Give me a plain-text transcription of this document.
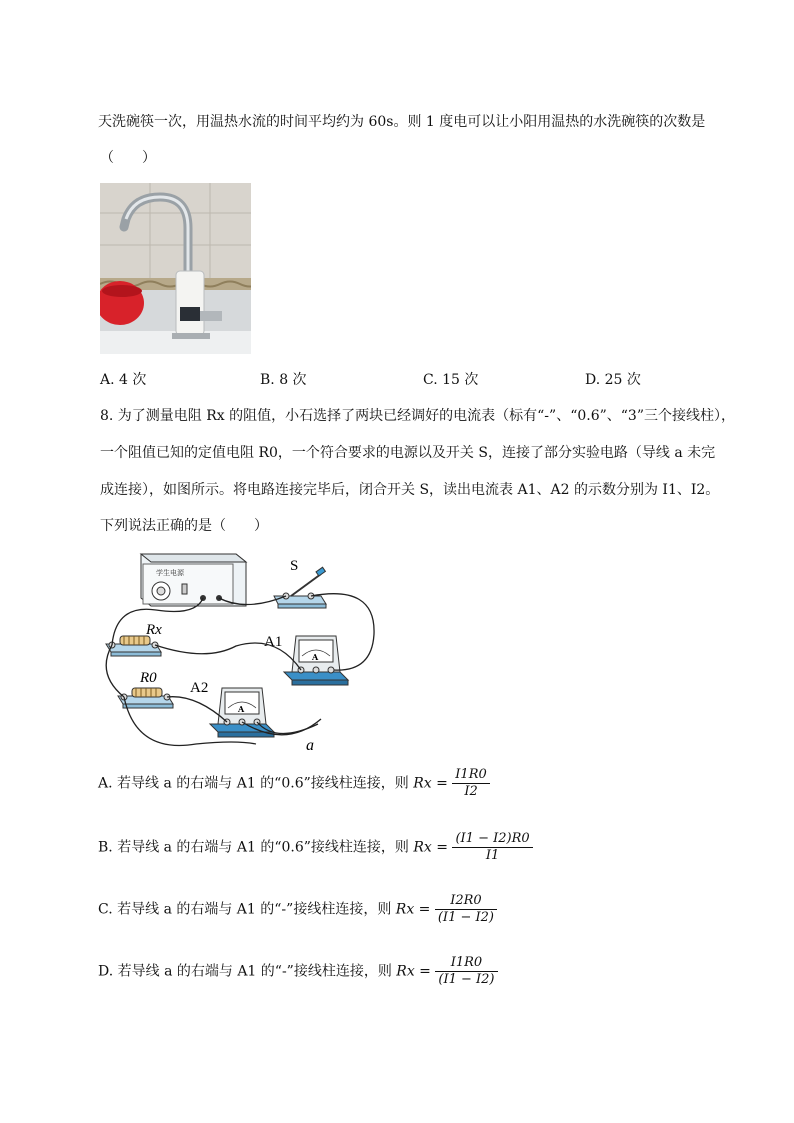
天洗碗筷一次，用温热水流的时间平均约为 60s。则 1 度电可以让小阳用温热的水洗碗筷的次数是
（　　）
A. 4 次	B. 8 次	C. 15 次	D. 25 次
8. 为了测量电阻 Rx 的阻值，小石选择了两块已经调好的电流表（标有“-”、“0.6”、“3”三个接线柱），
一个阻值已知的定值电阻 R0，一个符合要求的电源以及开关 S，连接了部分实验电路（导线 a 未完
成连接），如图所示。将电路连接完毕后，闭合开关 S，读出电流表 A1、A2 的示数分别为 I1、I2。
下列说法正确的是（　　）
学生电源	S
Rx
R0
A
A1
A
A2
a
A. 若导线 a 的右端与 A1 的“0.6”接线柱连接，则 $Rx = \frac{I1R0}{I2}$
B. 若导线 a 的右端与 A1 的“0.6”接线柱连接，则 $Rx = \frac{(I1 - I2)R0}{I1}$
C. 若导线 a 的右端与 A1 的“-”接线柱连接，则 $Rx = \frac{I2R0}{(I1 - I2)}$
D. 若导线 a 的右端与 A1 的“-”接线柱连接，则 $Rx = \frac{I1R0}{(I1 - I2)}$
